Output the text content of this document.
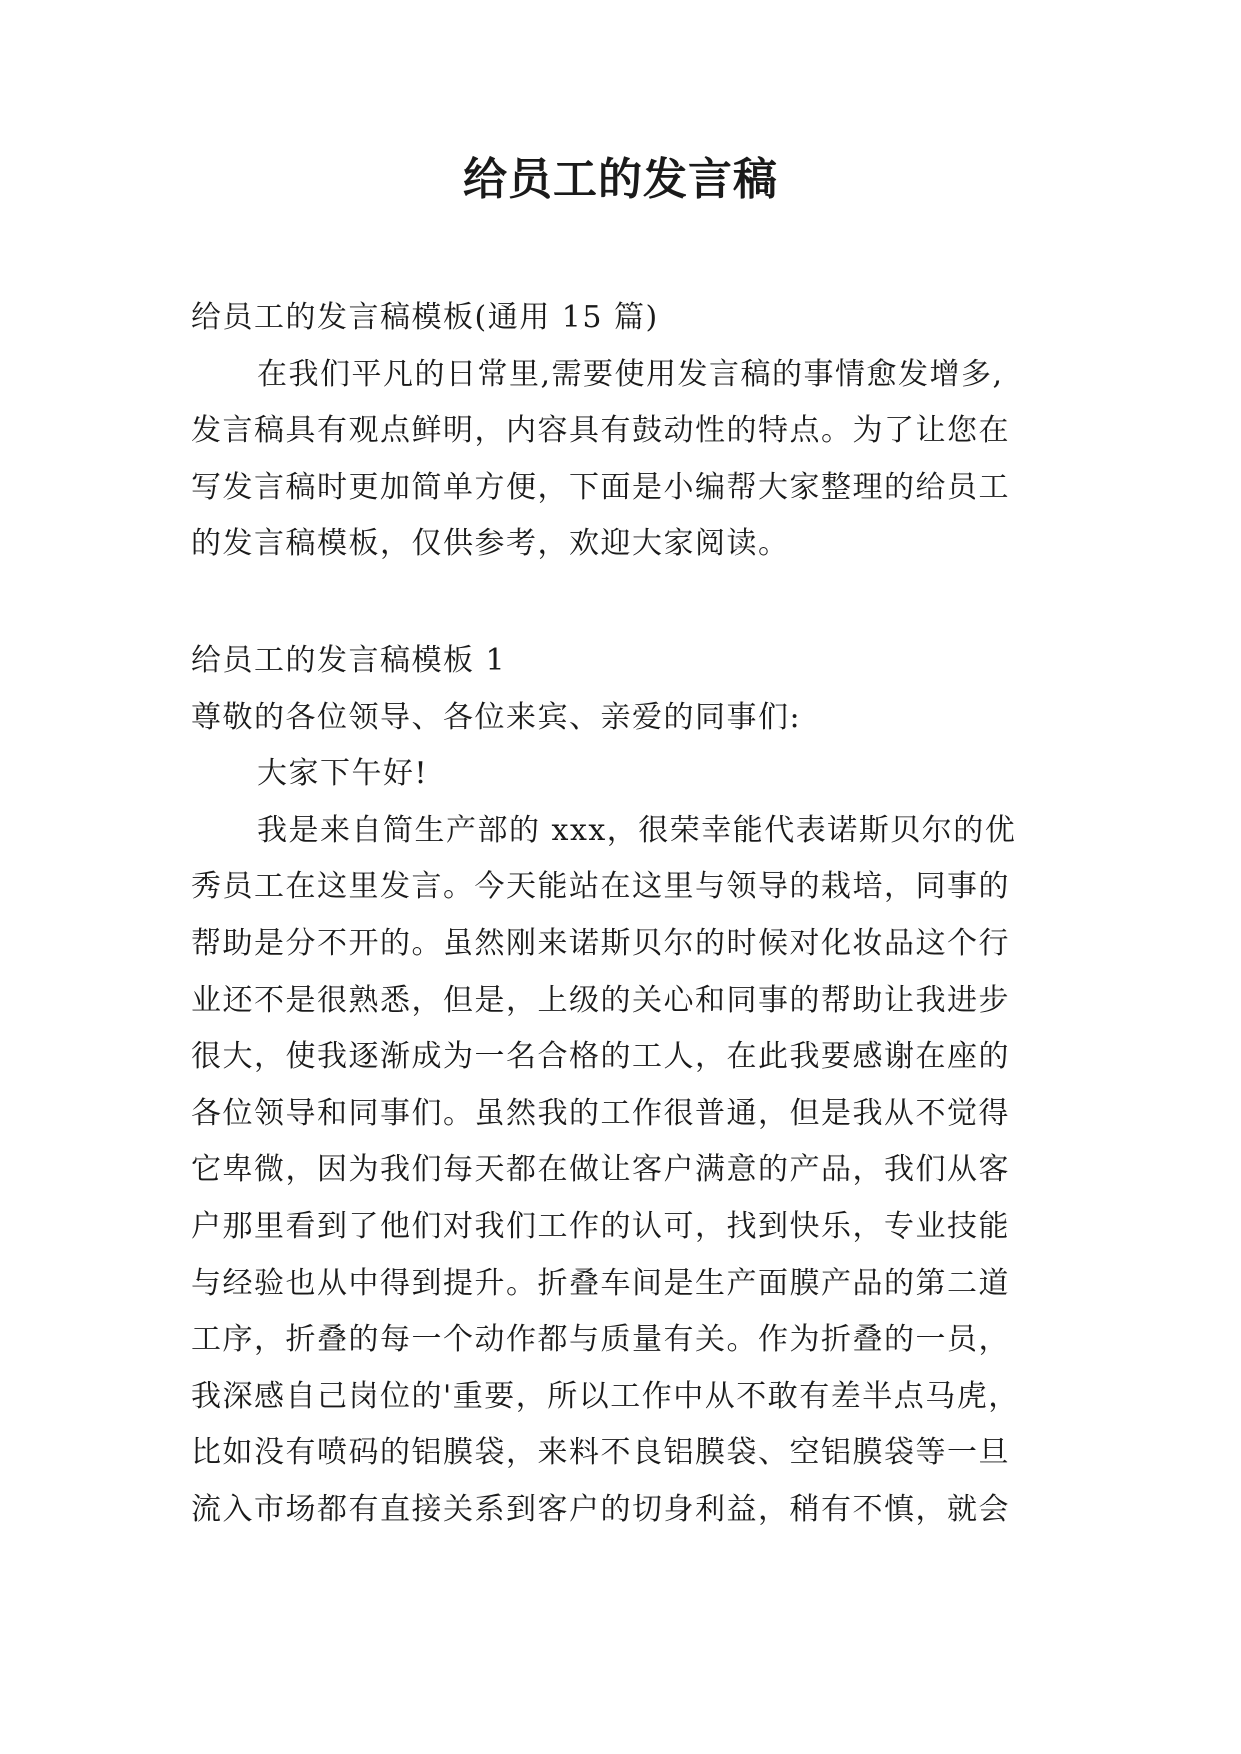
给员工的发言稿
给员工的发言稿模板(通用 15 篇)
在我们平凡的日常里,需要使用发言稿的事情愈发增多,
发言稿具有观点鲜明，内容具有鼓动性的特点。为了让您在
写发言稿时更加简单方便，下面是小编帮大家整理的给员工
的发言稿模板，仅供参考，欢迎大家阅读。
给员工的发言稿模板 1
尊敬的各位领导、各位来宾、亲爱的同事们:
大家下午好!
我是来自简生产部的 xxx，很荣幸能代表诺斯贝尔的优
秀员工在这里发言。今天能站在这里与领导的栽培，同事的
帮助是分不开的。虽然刚来诺斯贝尔的时候对化妆品这个行
业还不是很熟悉，但是，上级的关心和同事的帮助让我进步
很大，使我逐渐成为一名合格的工人，在此我要感谢在座的
各位领导和同事们。虽然我的工作很普通，但是我从不觉得
它卑微，因为我们每天都在做让客户满意的产品，我们从客
户那里看到了他们对我们工作的认可，找到快乐，专业技能
与经验也从中得到提升。折叠车间是生产面膜产品的第二道
工序，折叠的每一个动作都与质量有关。作为折叠的一员，
我深感自己岗位的'重要，所以工作中从不敢有差半点马虎，
比如没有喷码的铝膜袋，来料不良铝膜袋、空铝膜袋等一旦
流入市场都有直接关系到客户的切身利益，稍有不慎，就会
